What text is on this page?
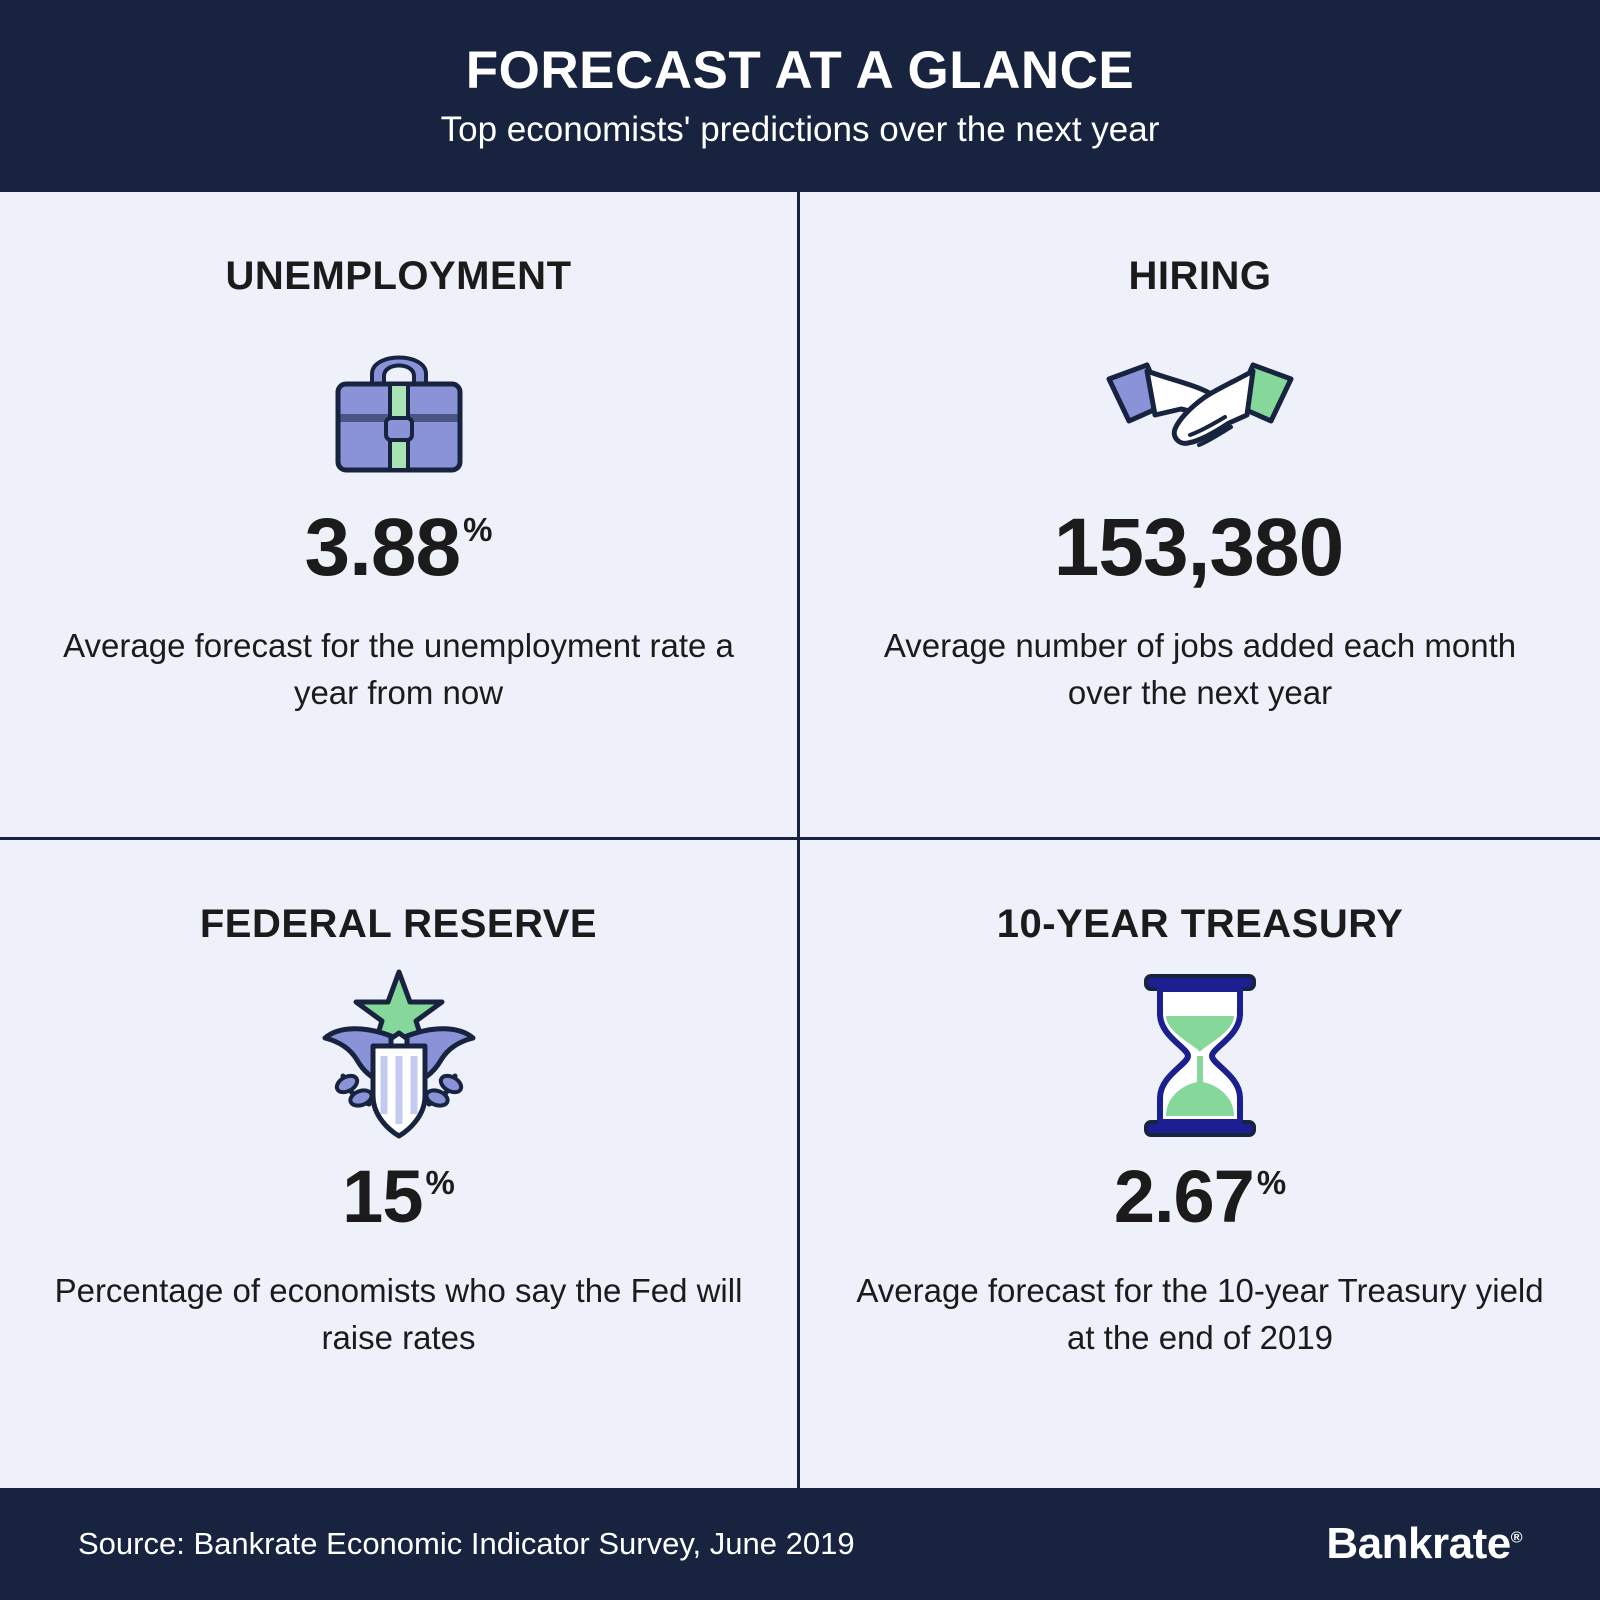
FORECAST AT A GLANCE
Top economists' predictions over the next year
UNEMPLOYMENT
3.88 %
Average forecast for the unemployment rate a year from now
HIRING
153,380
Average number of jobs added each month over the next year
FEDERAL RESERVE
15 %
Percentage of economists who say the Fed will raise rates
10-YEAR TREASURY
2.67 %
Average forecast for the 10-year Treasury yield at the end of 2019
Source: Bankrate Economic Indicator Survey, June 2019	Bankrate®
